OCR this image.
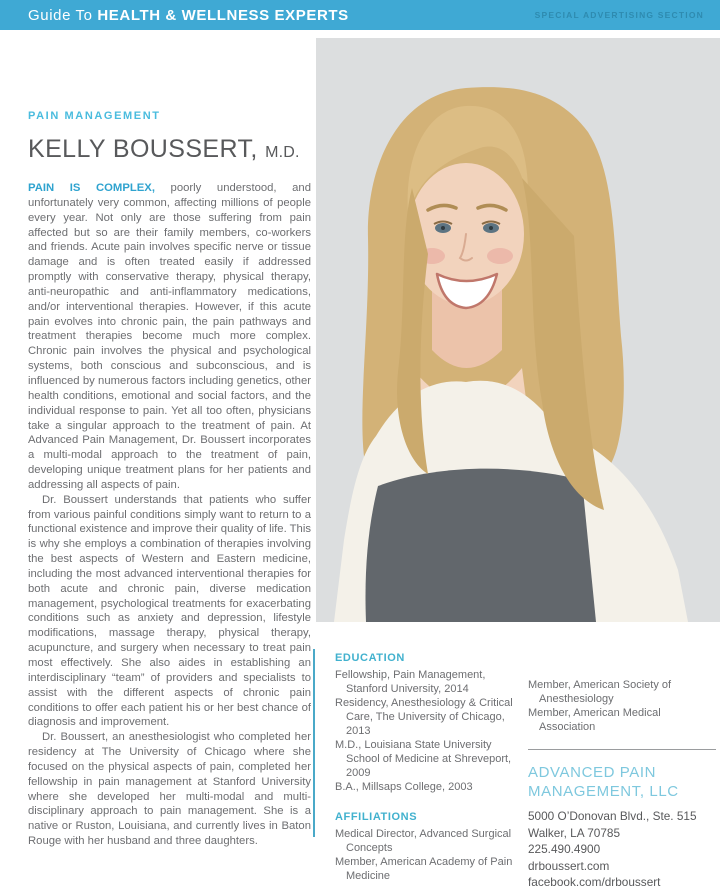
Guide To HEALTH & WELLNESS EXPERTS	SPECIAL ADVERTISING SECTION
PAIN MANAGEMENT
KELLY BOUSSERT, M.D.

PAIN IS COMPLEX, poorly understood, and unfortunately very common, affecting millions of people every year. Not only are those suffering from pain affected but so are their family members, co-workers and friends. Acute pain involves specific nerve or tissue damage and is often treated easily if addressed promptly with conservative therapy, physical therapy, anti-neuropathic and anti-inflammatory medications, and/or interventional therapies. However, if this acute pain evolves into chronic pain, the pain pathways and treatment therapies become much more complex. Chronic pain involves the physical and psychological systems, both conscious and subconscious, and is influenced by numerous factors including genetics, other health conditions, emotional and social factors, and the individual response to pain. Yet all too often, physicians take a singular approach to the treatment of pain. At Advanced Pain Management, Dr. Boussert incorporates a multi-modal approach to the treatment of pain, developing unique treatment plans for her patients and addressing all aspects of pain.

Dr. Boussert understands that patients who suffer from various painful conditions simply want to return to a functional existence and improve their quality of life. This is why she employs a combination of therapies involving the best aspects of Western and Eastern medicine, including the most advanced interventional therapies for both acute and chronic pain, diverse medication management, psychological treatments for exacerbating conditions such as anxiety and depression, lifestyle modifications, massage therapy, physical therapy, acupuncture, and surgery when necessary to treat pain most effectively. She also aides in establishing an interdisciplinary “team” of providers and specialists to assist with the different aspects of chronic pain conditions to offer each patient his or her best chance of diagnosis and improvement.

Dr. Boussert, an anesthesiologist who completed her residency at The University of Chicago where she focused on the physical aspects of pain, completed her fellowship in pain management at Stanford University where she developed her multi-modal and multi-disciplinary approach to pain management. She is a native or Ruston, Louisiana, and currently lives in Baton Rouge with her husband and three daughters.

EDUCATION
Fellowship, Pain Management, Stanford University, 2014
Residency, Anesthesiology & Critical Care, The University of Chicago, 2013
M.D., Louisiana State University School of Medicine at Shreveport, 2009
B.A., Millsaps College, 2003
AFFILIATIONS
Medical Director, Advanced Surgical Concepts
Member, American Academy of Pain Medicine
Member, American Society of Anesthesiology
Member, American Medical Association
ADVANCED PAIN
MANAGEMENT, LLC
5000 O’Donovan Blvd., Ste. 515
Walker, LA 70785
225.490.4900
drboussert.com
facebook.com/drboussert
